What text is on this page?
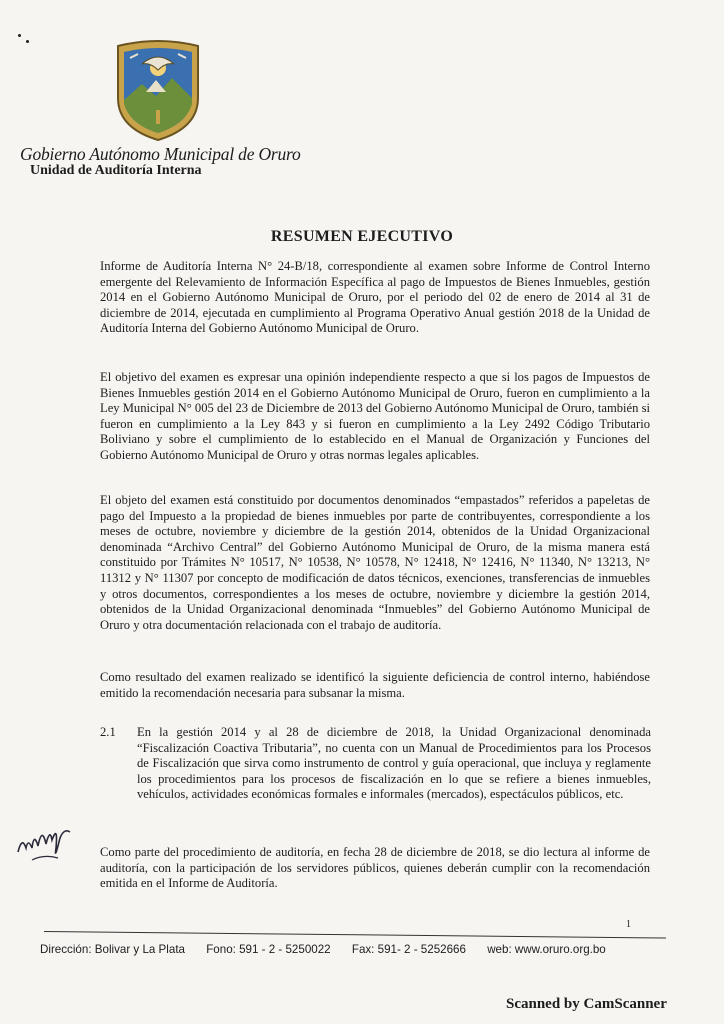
Gobierno Autónomo Municipal de Oruro
Unidad de Auditoría Interna
RESUMEN EJECUTIVO

Informe de Auditoría Interna N° 24-B/18, correspondiente al examen sobre Informe de Control Interno emergente del Relevamiento de Información Específica al pago de Impuestos de Bienes Inmuebles, gestión 2014 en el Gobierno Autónomo Municipal de Oruro, por el periodo del 02 de enero de 2014 al 31 de diciembre de 2014, ejecutada en cumplimiento al Programa Operativo Anual gestión 2018 de la Unidad de Auditoría Interna del Gobierno Autónomo Municipal de Oruro.

El objetivo del examen es expresar una opinión independiente respecto a que si los pagos de Impuestos de Bienes Inmuebles gestión 2014 en el Gobierno Autónomo Municipal de Oruro, fueron en cumplimiento a la Ley Municipal N° 005 del 23 de Diciembre de 2013 del Gobierno Autónomo Municipal de Oruro, también si fueron en cumplimiento a la Ley 843 y si fueron en cumplimiento a la Ley 2492 Código Tributario Boliviano y sobre el cumplimiento de lo establecido en el Manual de Organización y Funciones del Gobierno Autónomo Municipal de Oruro y otras normas legales aplicables.

El objeto del examen está constituido por documentos denominados “empastados” referidos a papeletas de pago del Impuesto a la propiedad de bienes inmuebles por parte de contribuyentes, correspondiente a los meses de octubre, noviembre y diciembre de la gestión 2014, obtenidos de la Unidad Organizacional denominada “Archivo Central” del Gobierno Autónomo Municipal de Oruro, de la misma manera está constituido por Trámites N° 10517, N° 10538, N° 10578, N° 12418, N° 12416, N° 11340, N° 13213, N° 11312 y N° 11307 por concepto de modificación de datos técnicos, exenciones, transferencias de inmuebles y otros documentos, correspondientes a los meses de octubre, noviembre y diciembre la gestión 2014, obtenidos de la Unidad Organizacional denominada “Inmuebles” del Gobierno Autónomo Municipal de Oruro y otra documentación relacionada con el trabajo de auditoría.

Como resultado del examen realizado se identificó la siguiente deficiencia de control interno, habiéndose emitido la recomendación necesaria para subsanar la misma.

2.1 En la gestión 2014 y al 28 de diciembre de 2018, la Unidad Organizacional denominada “Fiscalización Coactiva Tributaria”, no cuenta con un Manual de Procedimientos para los Procesos de Fiscalización que sirva como instrumento de control y guía operacional, que incluya y reglamente los procedimientos para los procesos de fiscalización en lo que se refiere a bienes inmuebles, vehículos, actividades económicas formales e informales (mercados), espectáculos públicos, etc.

Como parte del procedimiento de auditoría, en fecha 28 de diciembre de 2018, se dio lectura al informe de auditoría, con la participación de los servidores públicos, quienes deberán cumplir con la recomendación emitida en el Informe de Auditoría.

1
Dirección: Bolivar y La Plata Fono: 591 - 2 - 5250022 Fax: 591- 2 - 5252666 web: www.oruro.org.bo
Scanned by CamScanner
